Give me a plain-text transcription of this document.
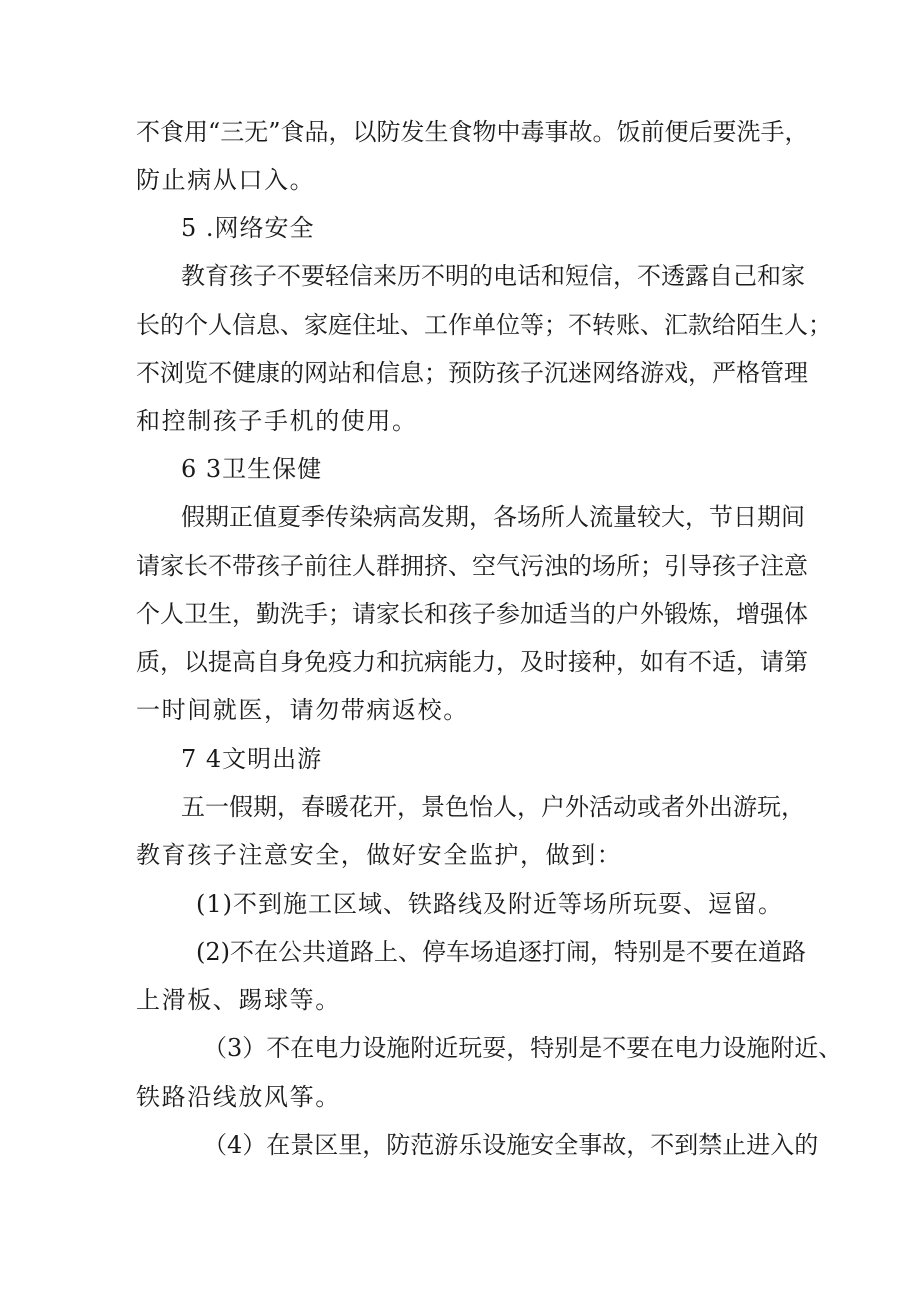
不食用“三无”食品，以防发生食物中毒事故。饭前便后要洗手，
防止病从口入。
5 .网络安全
教育孩子不要轻信来历不明的电话和短信，不透露自己和家
长的个人信息、家庭住址、工作单位等；不转账、汇款给陌生人；
不浏览不健康的网站和信息；预防孩子沉迷网络游戏，严格管理
和控制孩子手机的使用。
6 3卫生保健
假期正值夏季传染病高发期，各场所人流量较大，节日期间
请家长不带孩子前往人群拥挤、空气污浊的场所；引导孩子注意
个人卫生，勤洗手；请家长和孩子参加适当的户外锻炼，增强体
质，以提高自身免疫力和抗病能力，及时接种，如有不适，请第
一时间就医，请勿带病返校。
7 4文明出游
五一假期，春暖花开，景色怡人，户外活动或者外出游玩，
教育孩子注意安全，做好安全监护，做到：
(1)不到施工区域、铁路线及附近等场所玩耍、逗留。
(2)不在公共道路上、停车场追逐打闹，特别是不要在道路
上滑板、踢球等。
（3）不在电力设施附近玩耍，特别是不要在电力设施附近、
铁路沿线放风筝。
（4）在景区里，防范游乐设施安全事故，不到禁止进入的
